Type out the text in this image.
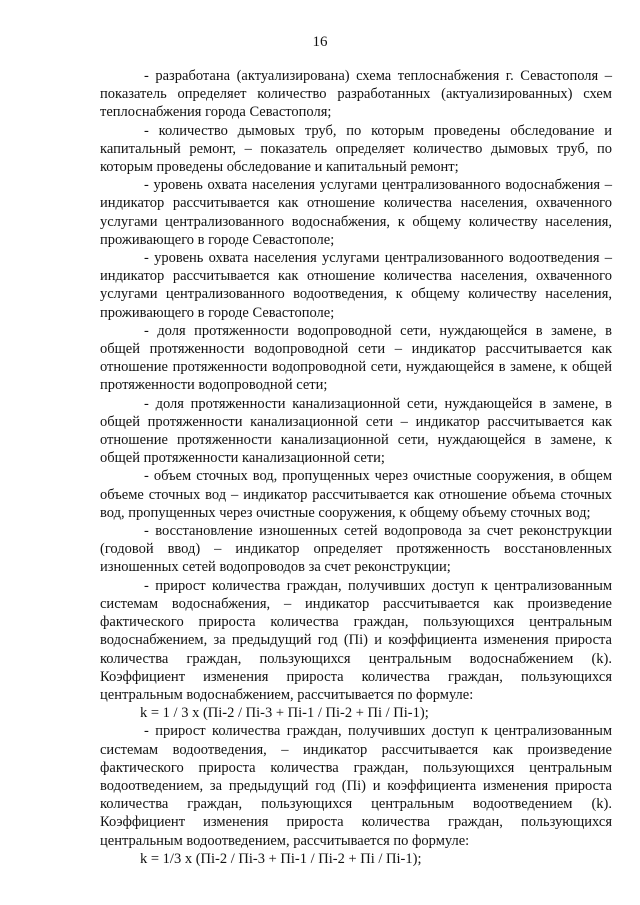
16

- разработана (актуализирована) схема теплоснабжения г. Севастополя – показатель определяет количество разработанных (актуализированных) схем теплоснабжения города Севастополя;

- количество дымовых труб, по которым проведены обследование и капитальный ремонт, – показатель определяет количество дымовых труб, по которым проведены обследование и капитальный ремонт;

- уровень охвата населения услугами централизованного водоснабжения – индикатор рассчитывается как отношение количества населения, охваченного услугами централизованного водоснабжения, к общему количеству населения, проживающего в городе Севастополе;

- уровень охвата населения услугами централизованного водоотведения – индикатор рассчитывается как отношение количества населения, охваченного услугами централизованного водоотведения, к общему количеству населения, проживающего в городе Севастополе;

- доля протяженности водопроводной сети, нуждающейся в замене, в общей протяженности водопроводной сети – индикатор рассчитывается как отношение протяженности водопроводной сети, нуждающейся в замене, к общей протяженности водопроводной сети;

- доля протяженности канализационной сети, нуждающейся в замене, в общей протяженности канализационной сети – индикатор рассчитывается как отношение протяженности канализационной сети, нуждающейся в замене, к общей протяженности канализационной сети;

- объем сточных вод, пропущенных через очистные сооружения, в общем объеме сточных вод – индикатор рассчитывается как отношение объема сточных вод, пропущенных через очистные сооружения, к общему объему сточных вод;

- восстановление изношенных сетей водопровода за счет реконструкции (годовой ввод) – индикатор определяет протяженность восстановленных изношенных сетей водопроводов за счет реконструкции;

- прирост количества граждан, получивших доступ к централизованным системам водоснабжения, – индикатор рассчитывается как произведение фактического прироста количества граждан, пользующихся центральным водоснабжением, за предыдущий год (Пi) и коэффициента изменения прироста количества граждан, пользующихся центральным водоснабжением (k). Коэффициент изменения прироста количества граждан, пользующихся центральным водоснабжением, рассчитывается по формуле:

k = 1 / 3 x (Пi-2 / Пi-3 + Пi-1 / Пi-2 + Пi / Пi-1);

- прирост количества граждан, получивших доступ к централизованным системам водоотведения, – индикатор рассчитывается как произведение фактического прироста количества граждан, пользующихся центральным водоотведением, за предыдущий год (Пi) и коэффициента изменения прироста количества граждан, пользующихся центральным водоотведением (k). Коэффициент изменения прироста количества граждан, пользующихся центральным водоотведением, рассчитывается по формуле:

k = 1/3 x (Пi-2 / Пi-3 + Пi-1 / Пi-2 + Пi / Пi-1);
